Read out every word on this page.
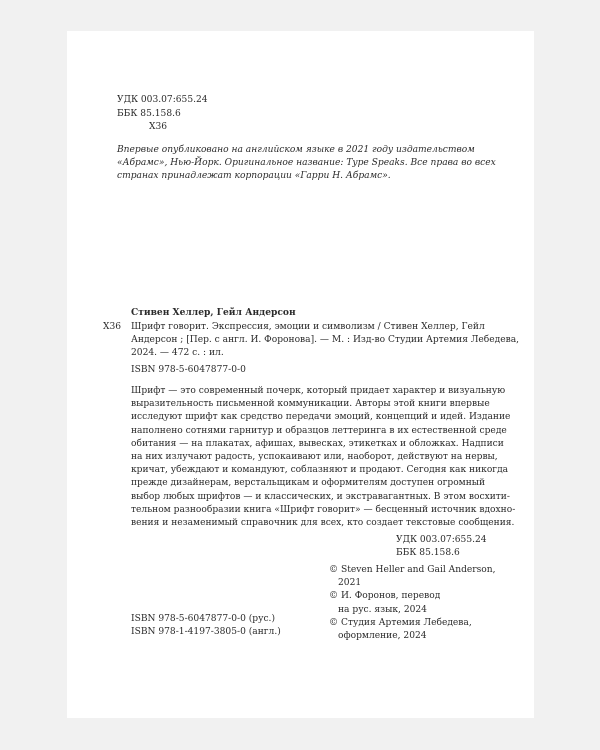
УДК 003.07:655.24
ББК 85.158.6
Х36
Впервые опубликовано на английском языке в 2021 году издательством
«Абрамс», Нью-Йорк. Оригинальное название: Type Speaks. Все права во всех
странах принадлежат корпорации «Гарри Н. Абрамс».
Стивен Хеллер, Гейл Андерсон
Х36 Шрифт говорит. Экспрессия, эмоции и символизм / Стивен Хеллер, Гейл
Андерсон ; [Пер. с англ. И. Форонова]. — М. : Изд-во Студии Артемия Лебедева,
2024. — 472 с. : ил.
ISBN 978-5-6047877-0-0
Шрифт — это современный почерк, который придает характер и визуальную
выразительность письменной коммуникации. Авторы этой книги впервые
исследуют шрифт как средство передачи эмоций, концепций и идей. Издание
наполнено сотнями гарнитур и образцов леттеринга в их естественной среде
обитания — на плакатах, афишах, вывесках, этикетках и обложках. Надписи
на них излучают радость, успокаивают или, наоборот, действуют на нервы,
кричат, убеждают и командуют, соблазняют и продают. Сегодня как никогда
прежде дизайнерам, верстальщикам и оформителям доступен огромный
выбор любых шрифтов — и классических, и экстравагантных. В этом восхити-
тельном разнообразии книга «Шрифт говорит» — бесценный источник вдохно-
вения и незаменимый справочник для всех, кто создает текстовые сообщения.
УДК 003.07:655.24
ББК 85.158.6
ISBN 978-5-6047877-0-0 (рус.)
ISBN 978-1-4197-3805-0 (англ.)
© Steven Heller and Gail Anderson,
2021
© И. Форонов, перевод
на рус. язык, 2024
© Студия Артемия Лебедева,
оформление, 2024
